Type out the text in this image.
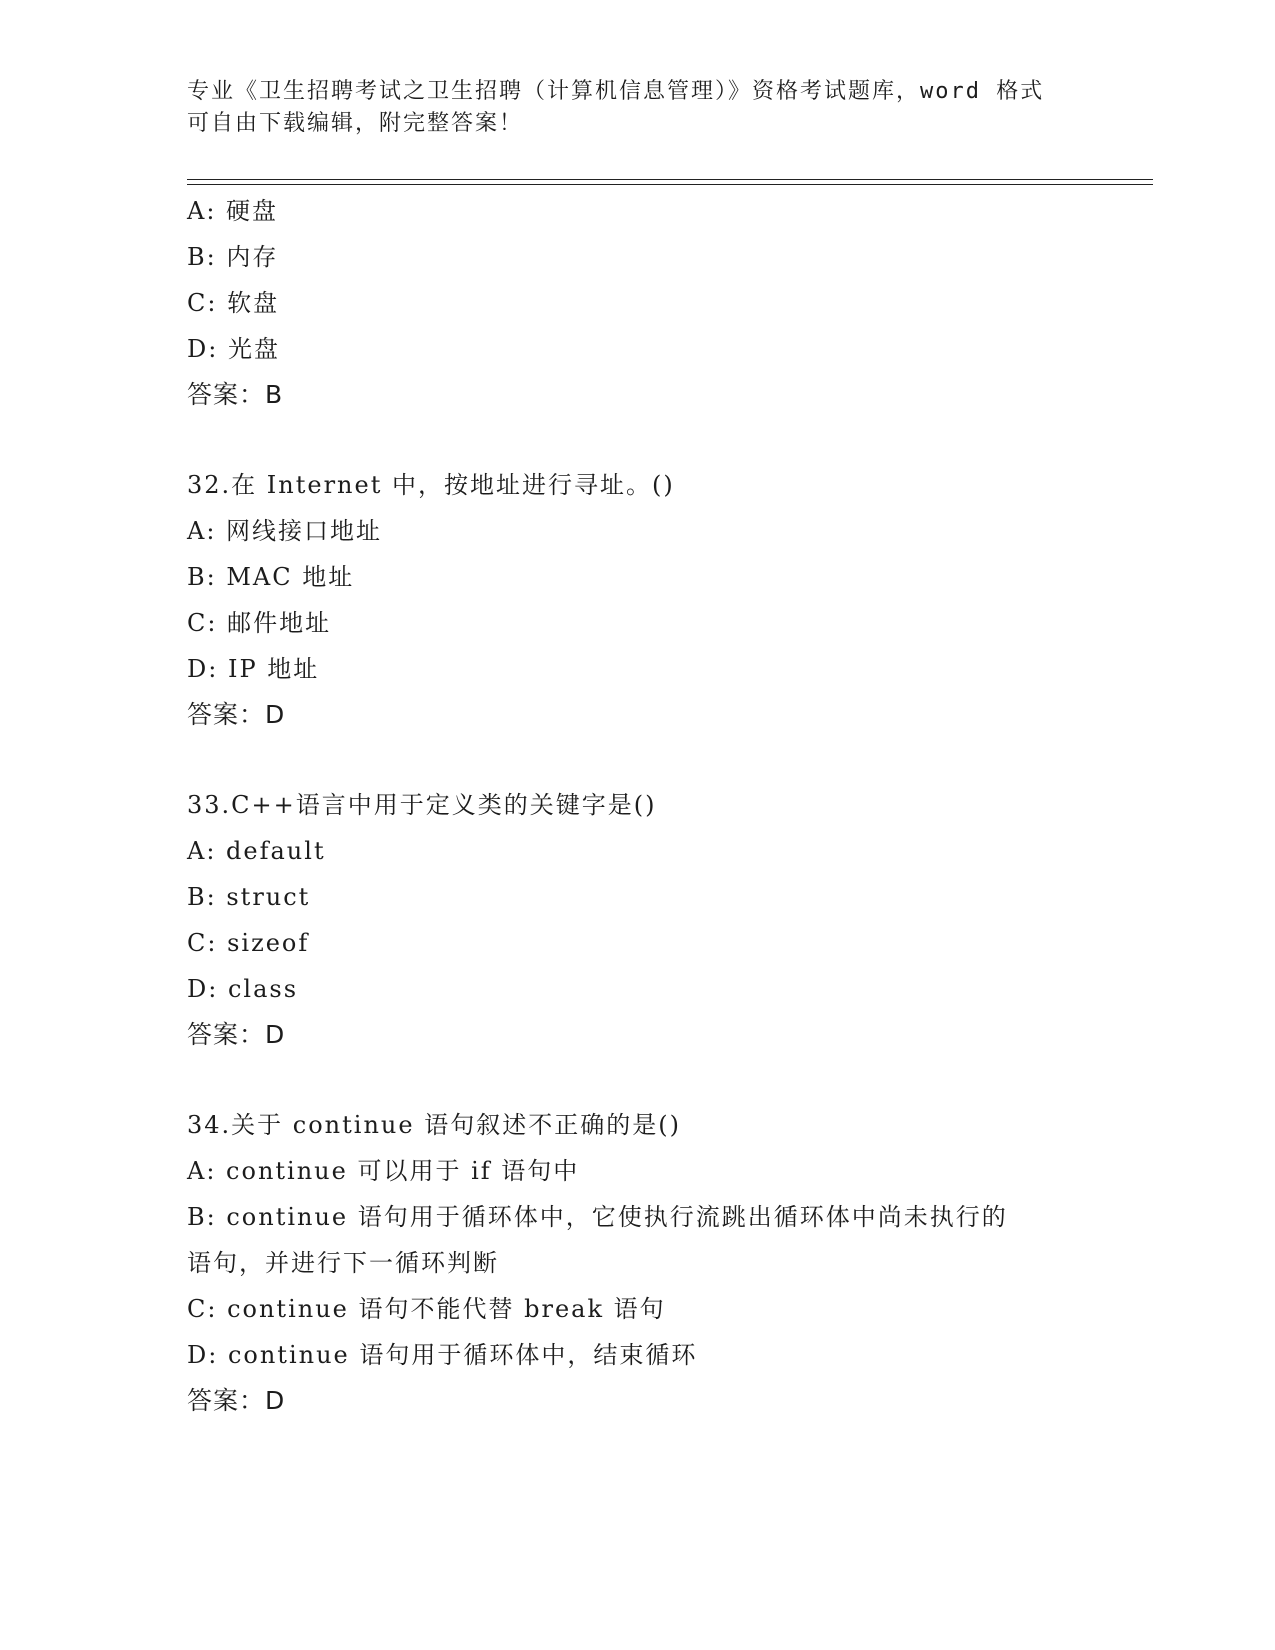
专业《卫生招聘考试之卫生招聘（计算机信息管理）》资格考试题库，word 格式
可自由下载编辑，附完整答案！
A: 硬盘
B: 内存
C: 软盘
D: 光盘
答案：B
32.在 Internet 中，按地址进行寻址。()
A: 网线接口地址
B: MAC 地址
C: 邮件地址
D: IP 地址
答案：D
33.C++语言中用于定义类的关键字是()
A: default
B: struct
C: sizeof
D: class
答案：D
34.关于 continue 语句叙述不正确的是()
A: continue 可以用于 if 语句中
B: continue 语句用于循环体中，它使执行流跳出循环体中尚未执行的
语句，并进行下一循环判断
C: continue 语句不能代替 break 语句
D: continue 语句用于循环体中，结束循环
答案：D
